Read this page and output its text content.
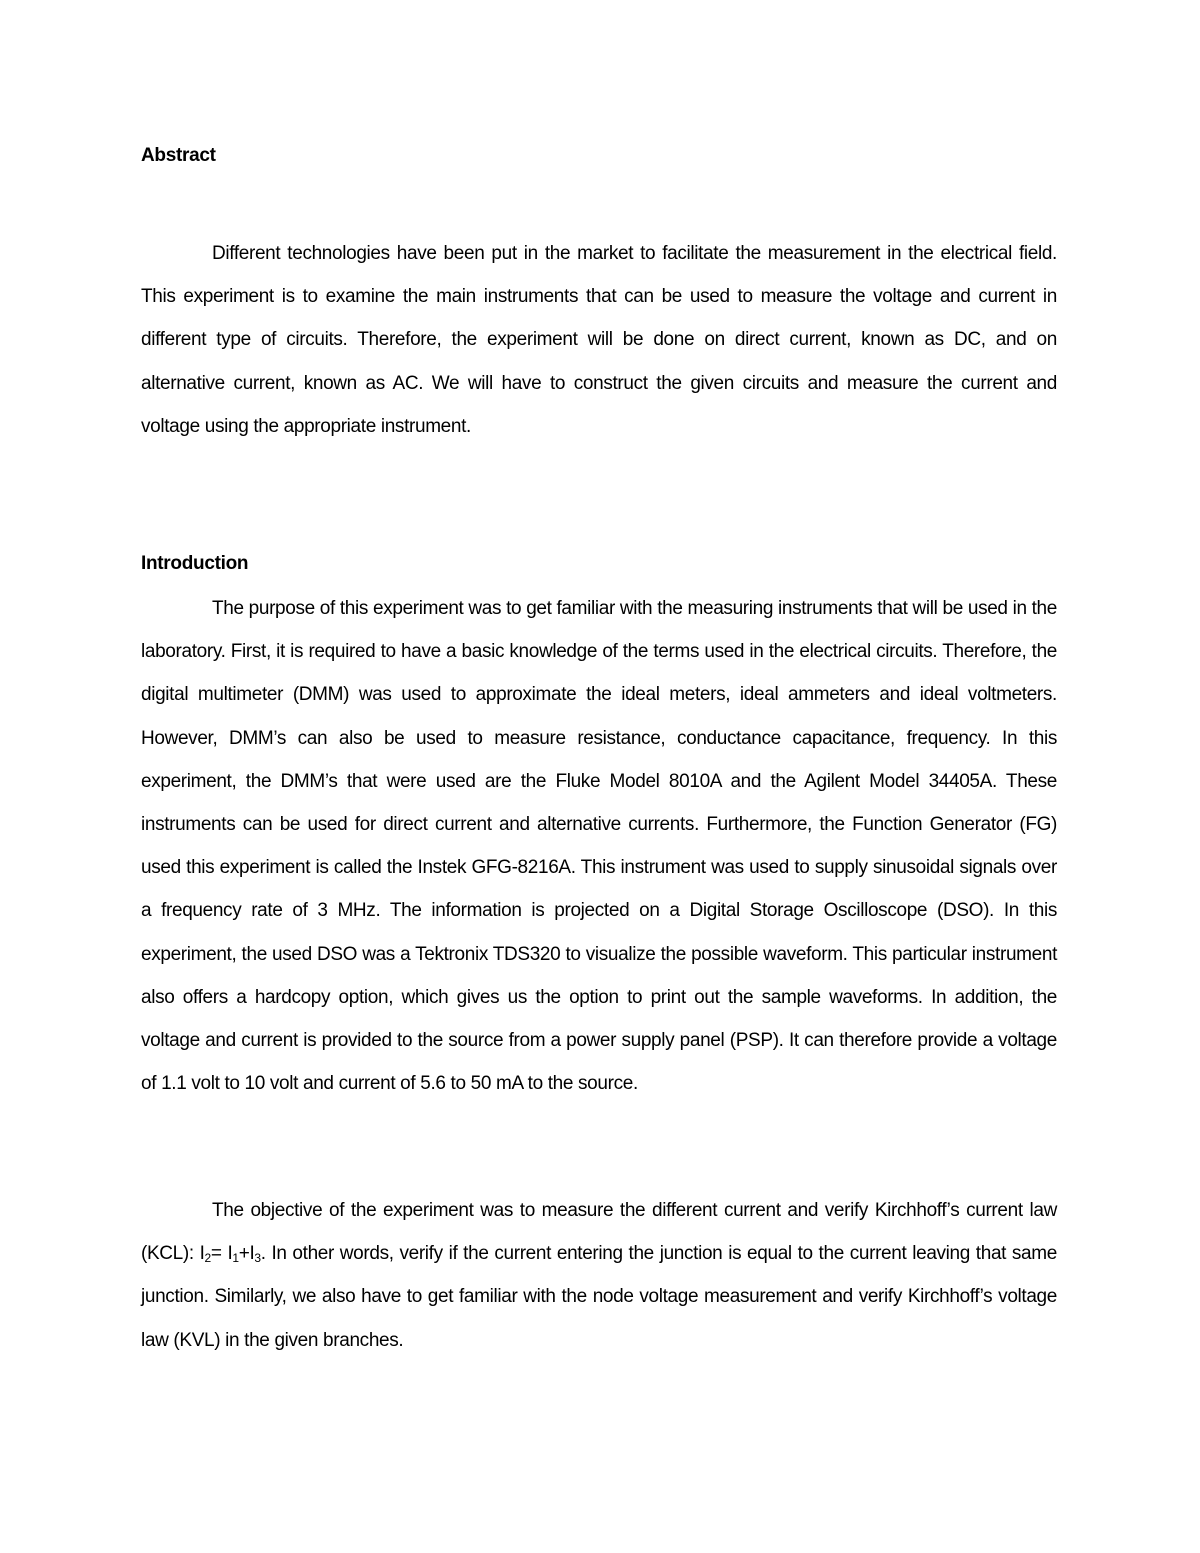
Abstract

Different technologies have been put in the market to facilitate the measurement in the electrical field. This experiment is to examine the main instruments that can be used to measure the voltage and current in different type of circuits. Therefore, the experiment will be done on direct current, known as DC, and on alternative current, known as AC. We will have to construct the given circuits and measure the current and voltage using the appropriate instrument.

Introduction

The purpose of this experiment was to get familiar with the measuring instruments that will be used in the laboratory. First, it is required to have a basic knowledge of the terms used in the electrical circuits. Therefore, the digital multimeter (DMM) was used to approximate the ideal meters, ideal ammeters and ideal voltmeters. However, DMM’s can also be used to measure resistance, conductance capacitance, frequency. In this experiment, the DMM’s that were used are the Fluke Model 8010A and the Agilent Model 34405A. These instruments can be used for direct current and alternative currents. Furthermore, the Function Generator (FG) used this experiment is called the Instek GFG-8216A. This instrument was used to supply sinusoidal signals over a frequency rate of 3 MHz. The information is projected on a Digital Storage Oscilloscope (DSO). In this experiment, the used DSO was a Tektronix TDS320 to visualize the possible waveform. This particular instrument also offers a hardcopy option, which gives us the option to print out the sample waveforms. In addition, the voltage and current is provided to the source from a power supply panel (PSP). It can therefore provide a voltage of 1.1 volt to 10 volt and current of 5.6 to 50 mA to the source.

The objective of the experiment was to measure the different current and verify Kirchhoff’s current law (KCL): $I_2= I_1+I_3$. In other words, verify if the current entering the junction is equal to the current leaving that same junction. Similarly, we also have to get familiar with the node voltage measurement and verify Kirchhoff’s voltage law (KVL) in the given branches.
